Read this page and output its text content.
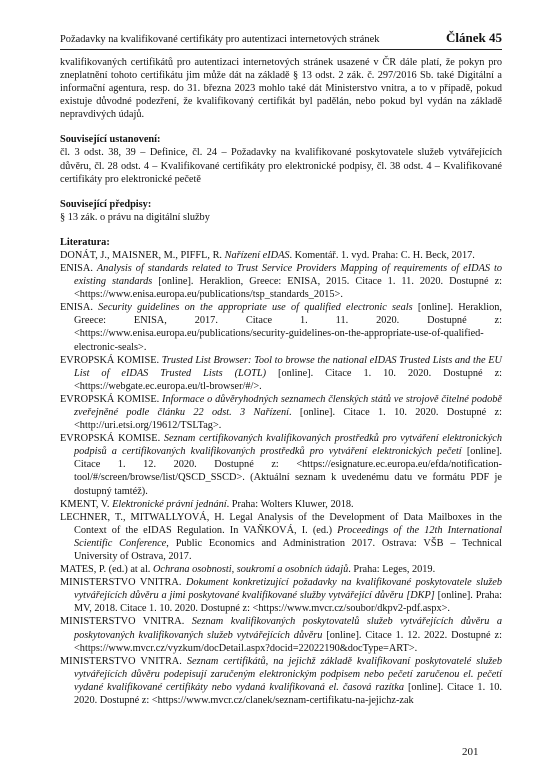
Požadavky na kvalifikované certifikáty pro autentizaci internetových stránek	Článek 45
kvalifikovaných certifikátů pro autentizaci internetových stránek usazené v ČR dále platí, že pokyn pro zneplatnění tohoto certifikátu jim může dát na základě § 13 odst. 2 zák. č. 297/2016 Sb. také Digitální a informační agentura, resp. do 31. března 2023 mohlo také dát Ministerstvo vnitra, a to v případě, pokud existuje důvodné podezření, že kvalifikovaný certifikát byl padělán, nebo pokud byl vydán na základě nepravdivých údajů.
Související ustanovení:
čl. 3 odst. 38, 39 – Definice, čl. 24 – Požadavky na kvalifikované poskytovatele služeb vytvářejících důvěru, čl. 28 odst. 4 – Kvalifikované certifikáty pro elektronické podpisy, čl. 38 odst. 4 – Kvalifikované certifikáty pro elektronické pečetě
Související předpisy:
§ 13 zák. o právu na digitální služby
Literatura:
DONÁT, J., MAISNER, M., PIFFL, R. Nařízení eIDAS. Komentář. 1. vyd. Praha: C. H. Beck, 2017.
ENISA. Analysis of standards related to Trust Service Providers Mapping of requirements of eIDAS to existing standards [online]. Heraklion, Greece: ENISA, 2015. Citace 1. 11. 2020. Dostupné z: <https://www.enisa.europa.eu/publications/tsp_standards_2015>.
ENISA. Security guidelines on the appropriate use of qualified electronic seals [online]. Heraklion, Greece: ENISA, 2017. Citace 1. 11. 2020. Dostupné z: <https://www.enisa.europa.eu/publications/security-guidelines-on-the-appropriate-use-of-qualified-electronic-seals>.
EVROPSKÁ KOMISE. Trusted List Browser: Tool to browse the national eIDAS Trusted Lists and the EU List of eIDAS Trusted Lists (LOTL) [online]. Citace 1. 10. 2020. Dostupné z: <https://webgate.ec.europa.eu/tl-browser/#/>.
EVROPSKÁ KOMISE. Informace o důvěryhodných seznamech členských států ve strojově čitelné podobě zveřejněné podle článku 22 odst. 3 Nařízení. [online]. Citace 1. 10. 2020. Dostupné z: <http://uri.etsi.org/19612/TSLTag>.
EVROPSKÁ KOMISE. Seznam certifikovaných kvalifikovaných prostředků pro vytváření elektronických podpisů a certifikovaných kvalifikovaných prostředků pro vytváření elektronických pečetí [online]. Citace 1. 12. 2020. Dostupné z: <https://esignature.ec.europa.eu/efda/notification-tool/#/screen/browse/list/QSCD_SSCD>. (Aktuální seznam k uvedenému datu ve formátu PDF je dostupný tamtéž).
KMENT, V. Elektronické právní jednání. Praha: Wolters Kluwer, 2018.
LECHNER, T., MITWALLYOVÁ, H. Legal Analysis of the Development of Data Mailboxes in the Context of the eIDAS Regulation. In VAŇKOVÁ, I. (ed.) Proceedings of the 12th International Scientific Conference, Public Economics and Administration 2017. Ostrava: VŠB – Technical University of Ostrava, 2017.
MATES, P. (ed.) at al. Ochrana osobnosti, soukromí a osobních údajů. Praha: Leges, 2019.
MINISTERSTVO VNITRA. Dokument konkretizující požadavky na kvalifikované poskytovatele služeb vytvářejících důvěru a jimi poskytované kvalifikované služby vytvářející důvěru [DKP] [online]. Praha: MV, 2018. Citace 1. 10. 2020. Dostupné z: <https://www.mvcr.cz/soubor/dkpv2-pdf.aspx>.
MINISTERSTVO VNITRA. Seznam kvalifikovaných poskytovatelů služeb vytvářejících důvěru a poskytovaných kvalifikovaných služeb vytvářejících důvěru [online]. Citace 1. 12. 2022. Dostupné z: <https://www.mvcr.cz/vyzkum/docDetail.aspx?docid=22022190&doc​Type=ART>.
MINISTERSTVO VNITRA. Seznam certifikátů, na jejichž základě kvalifikovaní poskytovatelé služeb vytvářejících důvěru podepisují zaručeným elektronickým podpisem nebo pečetí zaručenou el. pečetí vydané kvalifikované certifikáty nebo vydaná kvalifikovaná el. časová razítka [online]. Citace 1. 10. 2020. Dostupné z: <https://www.mvcr.cz/clanek/seznam-certifikatu-na-jejichz-zak
201
